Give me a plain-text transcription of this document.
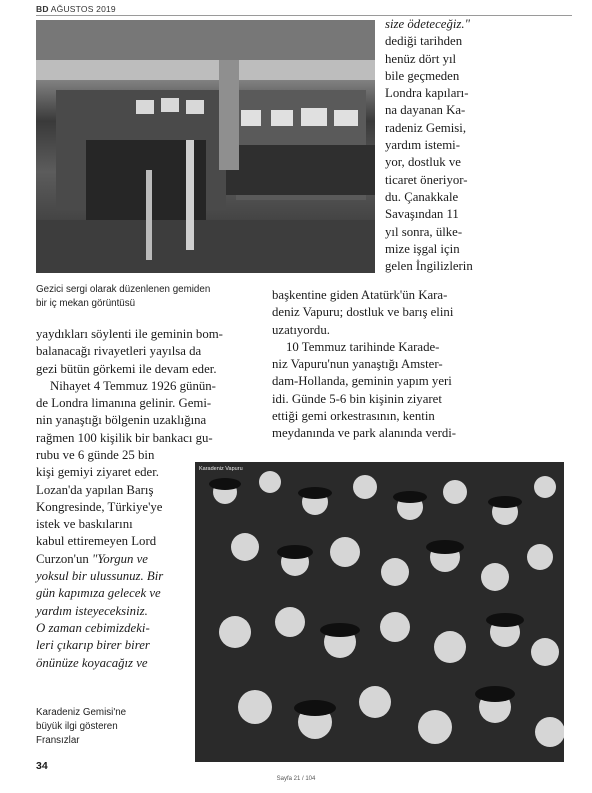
BD AĞUSTOS 2019
Gezici sergi olarak düzenlenen gemiden
bir iç mekan görüntüsü
size ödeteceğiz."
dediği tarihden
henüz dört yıl
bile geçmeden
Londra kapıları-
na dayanan Ka-
radeniz Gemisi,
yardım istemi-
yor, dostluk ve
ticaret öneriyor-
du. Çanakkale
Savaşından 11
yıl sonra, ülke-
mize işgal için
gelen İngilizlerin
başkentine giden Atatürk'ün Kara-
deniz Vapuru; dostluk ve barış elini
uzatıyordu.
10 Temmuz tarihinde Karade-
niz Vapuru'nun yanaştığı Amster-
dam-Hollanda, geminin yapım yeri
idi. Günde 5-6 bin kişinin ziyaret
ettiği gemi orkestrasının, kentin
meydanında ve park alanında verdi-
yaydıkları söylenti ile geminin bom-
balanacağı rivayetleri yayılsa da
gezi bütün görkemi ile devam eder.
Nihayet 4 Temmuz 1926 günün-
de Londra limanına gelinir. Gemi-
nin yanaştığı bölgenin uzaklığına
rağmen 100 kişilik bir bankacı gu-
rubu ve 6 günde 25 bin
kişi gemiyi ziyaret eder.
Lozan'da yapılan Barış
Kongresinde, Türkiye'ye
istek ve baskılarını
kabul ettiremeyen Lord
Curzon'un "Yorgun ve
yoksul bir ulussunuz. Bir
gün kapımıza gelecek ve
yardım isteyeceksiniz.
O zaman cebimizdeki-
leri çıkarıp birer birer
önünüze koyacağız ve
Karadeniz Vapuru
Karadeniz Gemisi'ne
büyük ilgi gösteren
Fransızlar
34
Sayfa 21 / 104
